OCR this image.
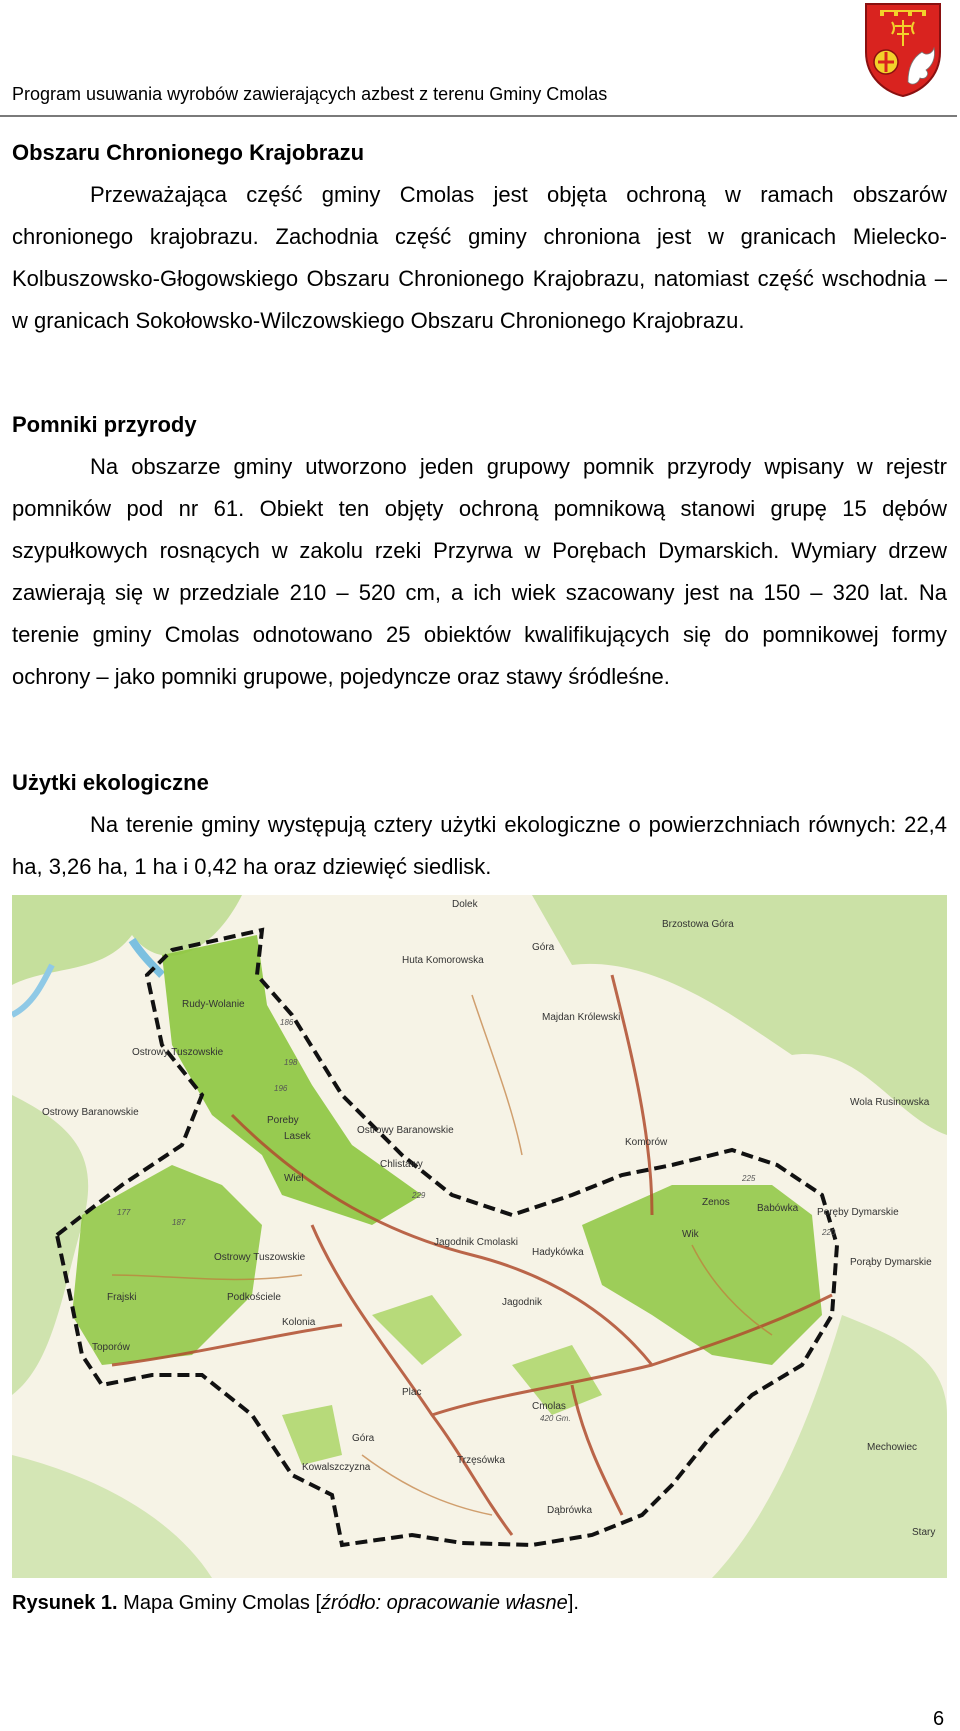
Program usuwania wyrobów zawierających azbest z terenu Gminy Cmolas
Obszaru Chronionego Krajobrazu
Przeważająca część gminy Cmolas jest objęta ochroną w ramach obszarów chronionego krajobrazu. Zachodnia część gminy chroniona jest w granicach Mielecko-Kolbuszowsko-Głogowskiego Obszaru Chronionego Krajobrazu, natomiast część wschodnia – w granicach Sokołowsko-Wilczowskiego Obszaru Chronionego Krajobrazu.
Pomniki przyrody
Na obszarze gminy utworzono jeden grupowy pomnik przyrody wpisany w rejestr pomników pod nr 61. Obiekt ten objęty ochroną pomnikową stanowi grupę 15 dębów szypułkowych rosnących w zakolu rzeki Przyrwa w Porębach Dymarskich. Wymiary drzew zawierają się w przedziale 210 – 520 cm, a ich wiek szacowany jest na 150 – 320 lat. Na terenie gminy Cmolas odnotowano 25 obiektów kwalifikujących się do pomnikowej formy ochrony – jako pomniki grupowe, pojedyncze oraz stawy śródleśne.
Użytki ekologiczne
Na terenie gminy występują cztery użytki ekologiczne o powierzchniach równych: 22,4 ha, 3,26 ha, 1 ha i 0,42 ha oraz dziewięć siedlisk.
Dolek
Brzostowa Góra
Huta Komorowska
Góra
Majdan Królewski
Wola Rusinowska
Rudy-Wolanie
Poreby
Lasek
Ostrowy Baranowskie
Ostrowy Baranowskie
Chlistawy
Komorów
Ostrowy Tuszowskie
Wiel
Jagodnik Cmolaski
Hadykówka
Zenos
Babówka Poręby Dymarskie
Wik
Porąby Dymarskie
Ostrowy Tuszowskie
Jagodnik
Podkościele
Kolonia
Toporów
Frajski
Plac
Cmolas
Góra
Trzęsówka
Kowalszczyzna
Dąbrówka
Mechowiec
Stary
186
198
196
229
225
177
187
220
420 Gm.
Rysunek 1. Mapa Gminy Cmolas [źródło: opracowanie własne].
6
